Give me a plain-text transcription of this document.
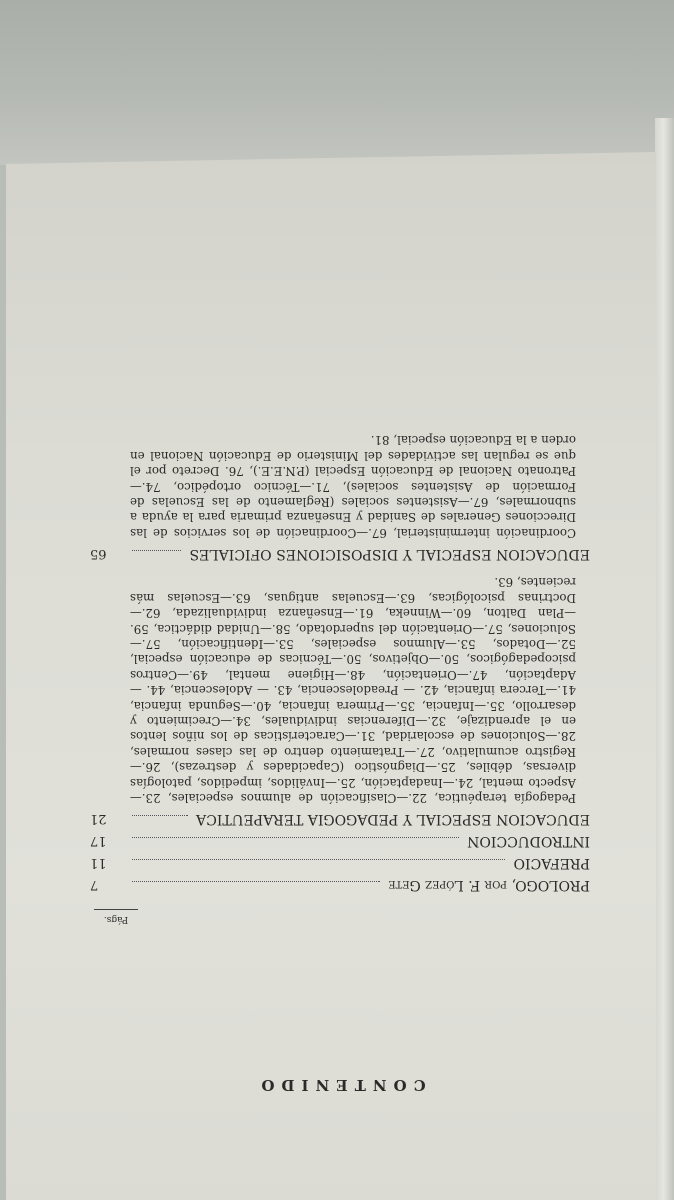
CONTENIDO
Págs.
PROLOGO, por F. López Gete
7
PREFACIO
11
INTRODUCCION
17
EDUCACION ESPECIAL Y PEDAGOGIA TERAPEUTICA
21
Pedagogía terapéutica, 22.—Clasificación de alumnos especiales, 23.—Aspecto mental, 24.—Inadaptación, 25.—Inválidos, impedidos, patologías diversas, débiles, 25.—Diagnóstico (Capacidades y destrezas), 26.—Registro acumulativo, 27.—Tratamiento dentro de las clases normales, 28.—Soluciones de escolaridad, 31.—Características de los niños lentos en el aprendizaje, 32.—Diferencias individuales, 34.—Crecimiento y desarrollo, 35.—Infancia, 35.—Primera infancia, 40.—Segunda infancia, 41.—Tercera infancia, 42. — Preadolescencia, 43. — Adolescencia, 44. — Adaptación, 47.—Orientación, 48.—Higiene mental, 49.—Centros psicopedagógicos, 50.—Objetivos, 50.—Técnicas de educación especial, 52.—Dotados, 53.—Alumnos especiales, 53.—Identificación, 57.—Soluciones, 57.—Orientación del superdotado, 58.—Unidad didáctica, 59.—Plan Dalton, 60.—Winneka, 61.—Enseñanza individualizada, 62.—Doctrinas psicológicas, 63.—Escuelas antiguas, 63.—Escuelas más recientes, 63.
EDUCACION ESPECIAL Y DISPOSICIONES OFICIALES
65
Coordinación interministerial, 67.—Coordinación de los servicios de las Direcciones Generales de Sanidad y Enseñanza primaria para la ayuda a subnormales, 67.—Asistentes sociales (Reglamento de las Escuelas de Formación de Asistentes sociales), 71.—Técnico ortopédico, 74.—Patronato Nacional de Educación Especial (P.N.E.E.), 76. Decreto por el que se regulan las actividades del Ministerio de Educación Nacional en orden a la Educación especial, 81.
